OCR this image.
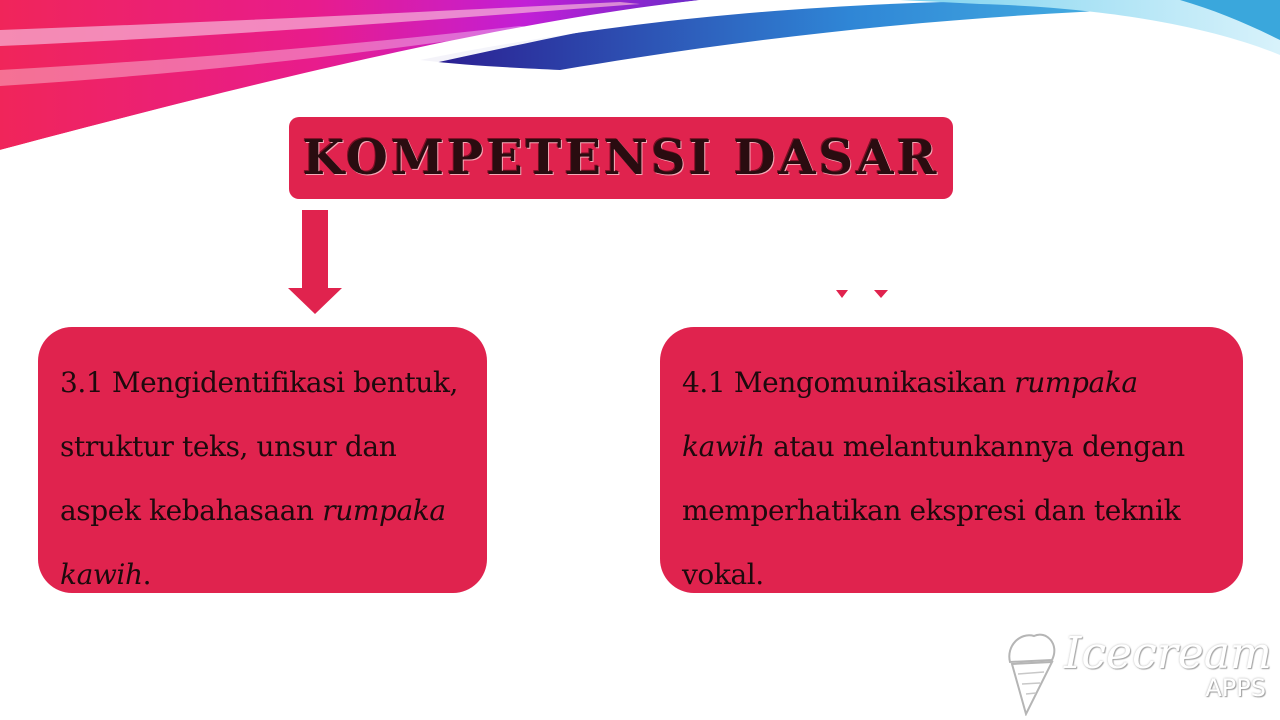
KOMPETENSI DASAR

3.1 Mengidentifikasi bentuk, struktur teks, unsur dan aspek kebahasaan rumpaka kawih.

4.1 Mengomunikasikan rumpaka kawih atau melantunkannya dengan memperhatikan ekspresi dan teknik vokal.

Icecream
APPS
